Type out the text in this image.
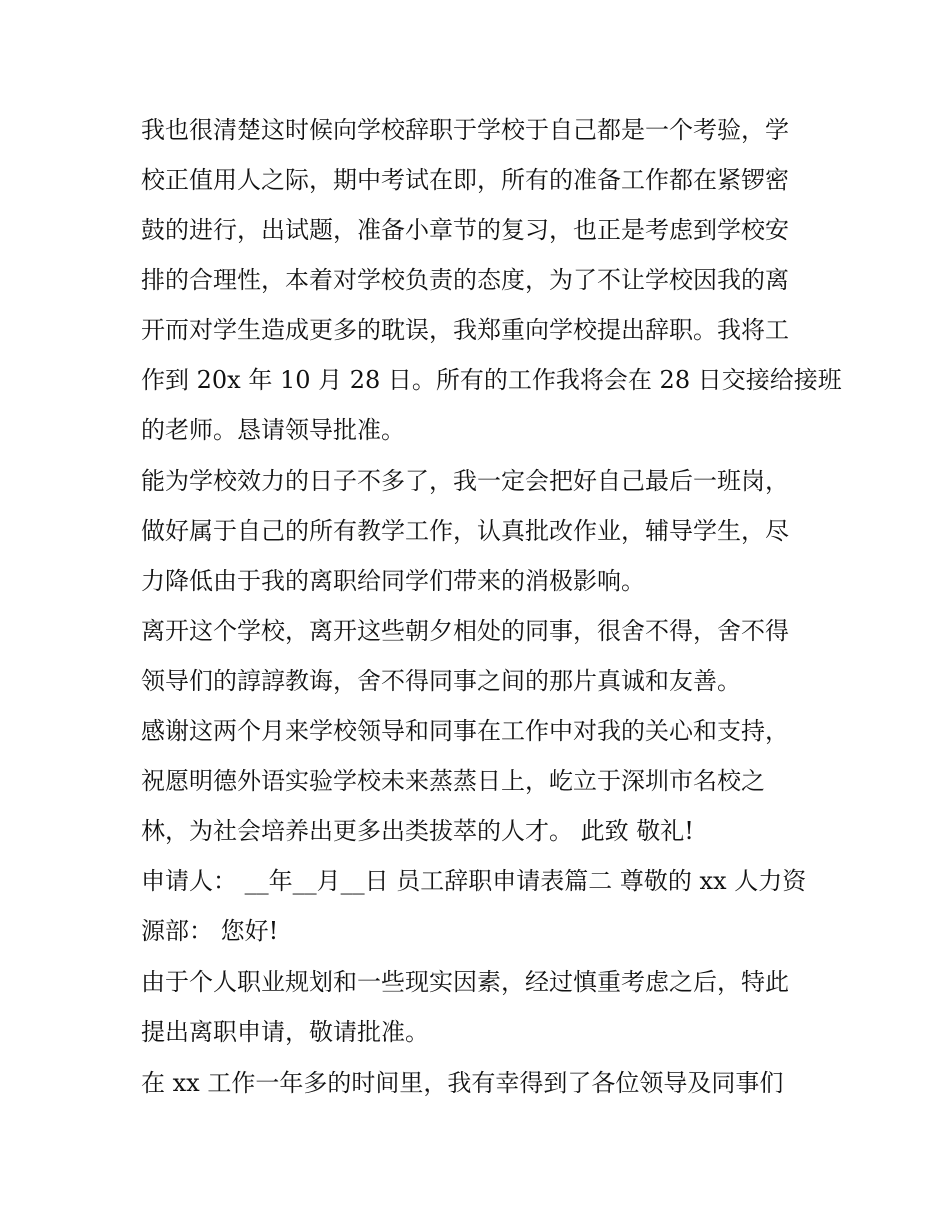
我也很清楚这时候向学校辞职于学校于自己都是一个考验，学
校正值用人之际，期中考试在即，所有的准备工作都在紧锣密
鼓的进行，出试题，准备小章节的复习，也正是考虑到学校安
排的合理性，本着对学校负责的态度，为了不让学校因我的离
开而对学生造成更多的耽误，我郑重向学校提出辞职。我将工
作到 20x 年 10 月 28 日。所有的工作我将会在 28 日交接给接班
的老师。恳请领导批准。
能为学校效力的日子不多了，我一定会把好自己最后一班岗，
做好属于自己的所有教学工作，认真批改作业，辅导学生，尽
力降低由于我的离职给同学们带来的消极影响。
离开这个学校，离开这些朝夕相处的同事，很舍不得，舍不得
领导们的諄諄教诲，舍不得同事之间的那片真诚和友善。
感谢这两个月来学校领导和同事在工作中对我的关心和支持，
祝愿明德外语实验学校未来蒸蒸日上，屹立于深圳市名校之
林，为社会培养出更多出类拔萃的人才。 此致 敬礼!
申请人： __年__月__日 员工辞职申请表篇二 尊敬的 xx 人力资
源部： 您好!
由于个人职业规划和一些现实因素，经过慎重考虑之后，特此
提出离职申请，敬请批准。
在 xx 工作一年多的时间里，我有幸得到了各位领导及同事们
